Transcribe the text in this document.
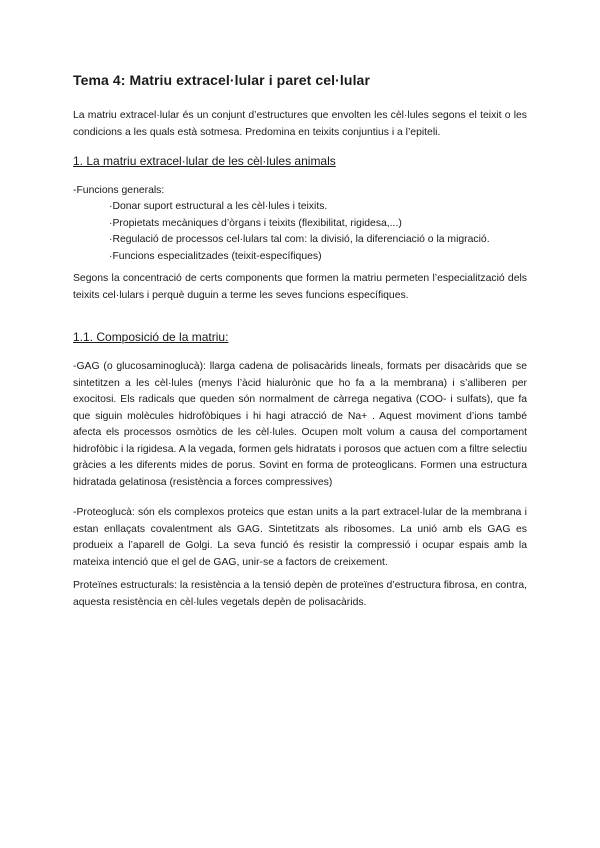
Tema 4: Matriu extracel·lular i paret cel·lular

La matriu extracel·lular és un conjunt d’estructures que envolten les cèl·lules segons el teixit o les condicions a les quals està sotmesa. Predomina en teixits conjuntius i a l’epiteli.

1. La matriu extracel·lular de les cèl·lules animals

-Funcions generals:

·Donar suport estructural a les cèl·lules i teixits.
·Propietats mecàniques d’òrgans i teixits (flexibilitat, rigidesa,...)
·Regulació de processos cel·lulars tal com: la divisió, la diferenciació o la migració.
·Funcions especialitzades (teixit-específiques)

Segons la concentració de certs components que formen la matriu permeten l’especialització dels teixits cel·lulars i perquè duguin a terme les seves funcions específiques.

1.1. Composició de la matriu:

-GAG (o glucosaminoglucà): llarga cadena de polisacàrids lineals, formats per disacàrids que se sintetitzen a les cèl·lules (menys l’àcid hialurònic que ho fa a la membrana) i s’alliberen per exocitosi. Els radicals que queden són normalment de càrrega negativa (COO- i sulfats), que fa que siguin molècules hidrofòbiques i hi hagi atracció de Na+ . Aquest moviment d’ions també afecta els processos osmòtics de les cèl·lules. Ocupen molt volum a causa del comportament hidrofòbic i la rigidesa. A la vegada, formen gels hidratats i porosos que actuen com a filtre selectiu gràcies a les diferents mides de porus. Sovint en forma de proteoglicans. Formen una estructura hidratada gelatinosa (resistència a forces compressives)

-Proteoglucà: són els complexos proteics que estan units a la part extracel·lular de la membrana i estan enllaçats covalentment als GAG. Sintetitzats als ribosomes. La unió amb els GAG es produeix a l’aparell de Golgi. La seva funció és resistir la compressió i ocupar espais amb la mateixa intenció que el gel de GAG, unir-se a factors de creixement.

Proteïnes estructurals: la resistència a la tensió depèn de proteïnes d’estructura fibrosa, en contra, aquesta resistència en cèl·lules vegetals depèn de polisacàrids.
